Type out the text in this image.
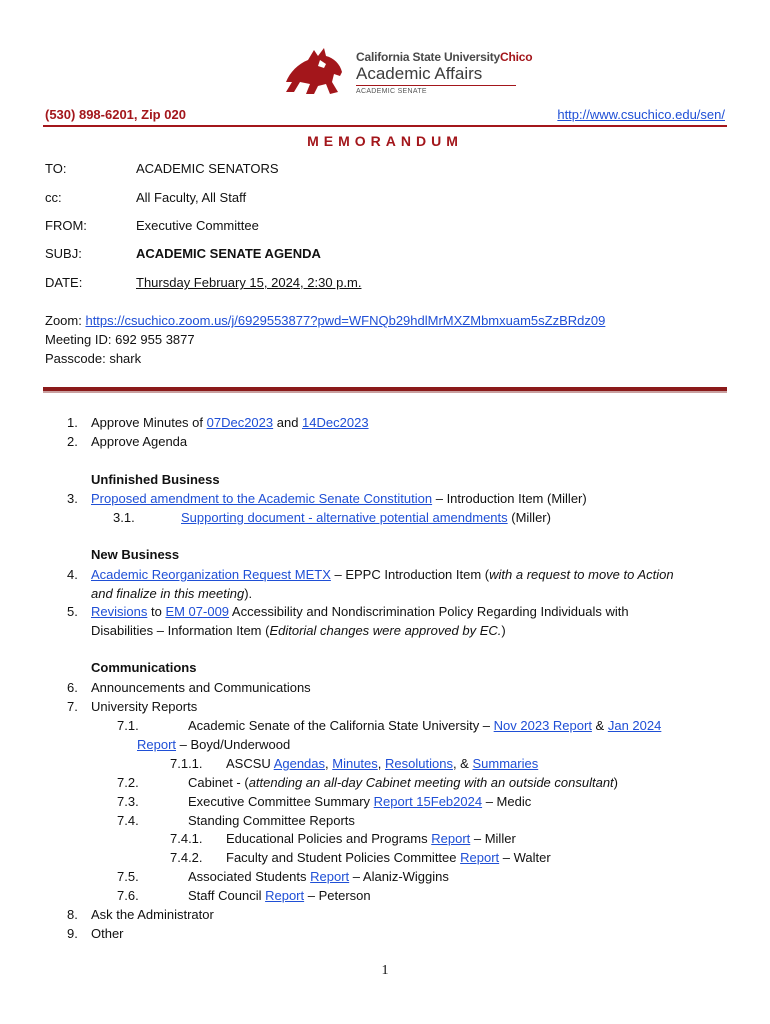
California State UniversityChico
Academic Affairs
ACADEMIC SENATE
(530) 898-6201, Zip 020	http://www.csuchico.edu/sen/
MEMORANDUM
TO:	ACADEMIC SENATORS
cc:	All Faculty, All Staff
FROM:	Executive Committee
SUBJ:	ACADEMIC SENATE AGENDA
DATE:	Thursday February 15, 2024, 2:30 p.m.
Zoom: https://csuchico.zoom.us/j/6929553877?pwd=WFNQb29hdlMrMXZMbmxuam5sZzBRdz09
Meeting ID: 692 955 3877
Passcode: shark
1. Approve Minutes of 07Dec2023 and 14Dec2023
2. Approve Agenda
Unfinished Business
3. Proposed amendment to the Academic Senate Constitution – Introduction Item (Miller)
3.1.	Supporting document - alternative potential amendments (Miller)
New Business
4. Academic Reorganization Request METX – EPPC Introduction Item (with a request to move to Action
and finalize in this meeting).
5. Revisions to EM 07-009 Accessibility and Nondiscrimination Policy Regarding Individuals with
Disabilities – Information Item (Editorial changes were approved by EC.)
Communications
6. Announcements and Communications
7. University Reports
7.1.	Academic Senate of the California State University – Nov 2023 Report & Jan 2024
Report – Boyd/Underwood
7.1.1. ASCSU Agendas, Minutes, Resolutions, & Summaries
7.2.	Cabinet - (attending an all-day Cabinet meeting with an outside consultant)
7.3.	Executive Committee Summary Report 15Feb2024 – Medic
7.4.	Standing Committee Reports
7.4.1. Educational Policies and Programs Report – Miller
7.4.2. Faculty and Student Policies Committee Report – Walter
7.5.	Associated Students Report – Alaniz-Wiggins
7.6.	Staff Council Report – Peterson
8. Ask the Administrator
9. Other
1
